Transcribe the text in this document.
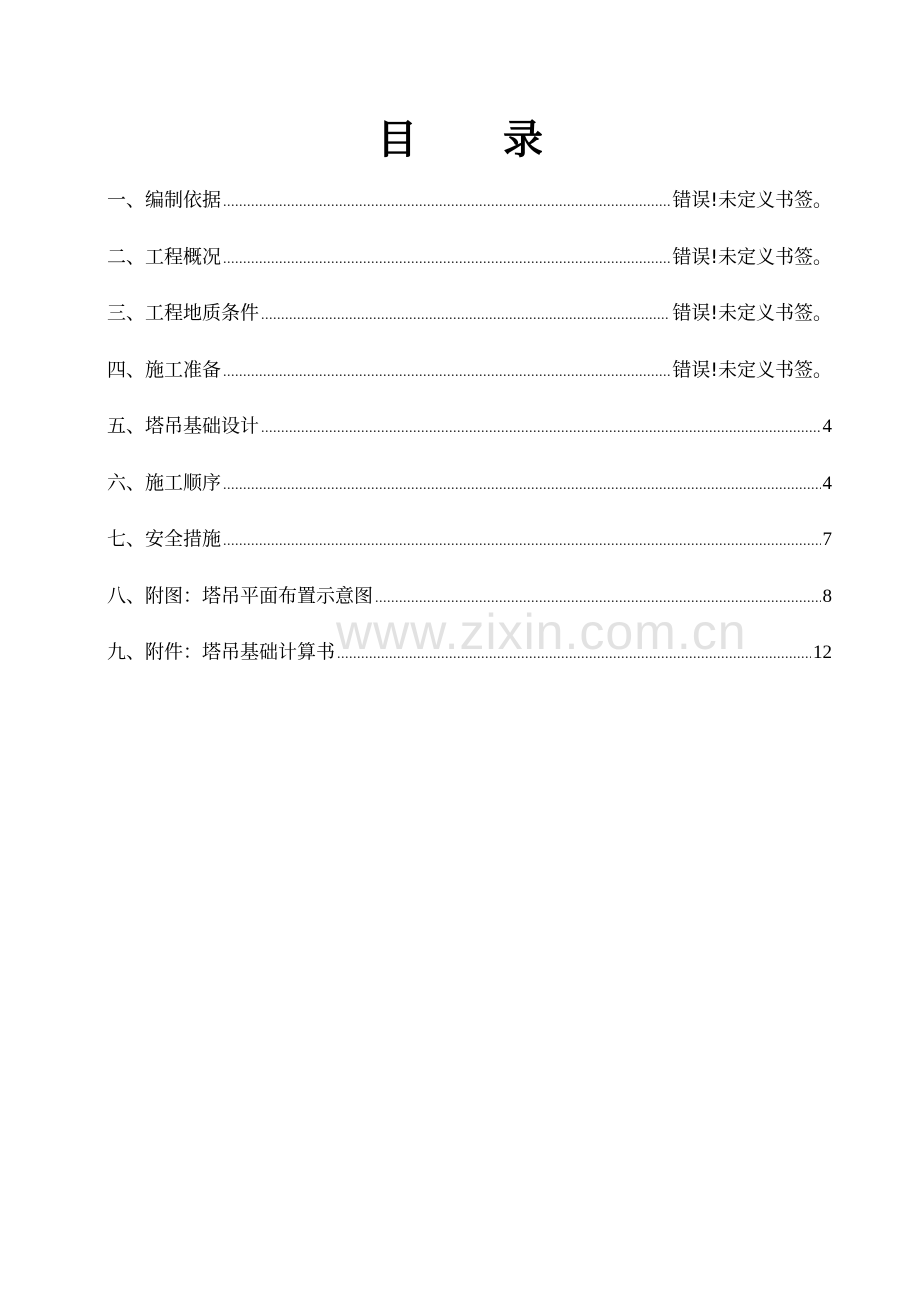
目 录
一、编制依据 .....	错误!未定义书签。
二、工程概况 .....	错误!未定义书签。
三、工程地质条件 .....	错误!未定义书签。
四、施工准备 .....	错误!未定义书签。
五、塔吊基础设计 .....	4
六、施工顺序 .....	4
七、安全措施 .....	7
八、附图：塔吊平面布置示意图 .....	8
九、附件：塔吊基础计算书 .....	12
www.zixin.com.cn
